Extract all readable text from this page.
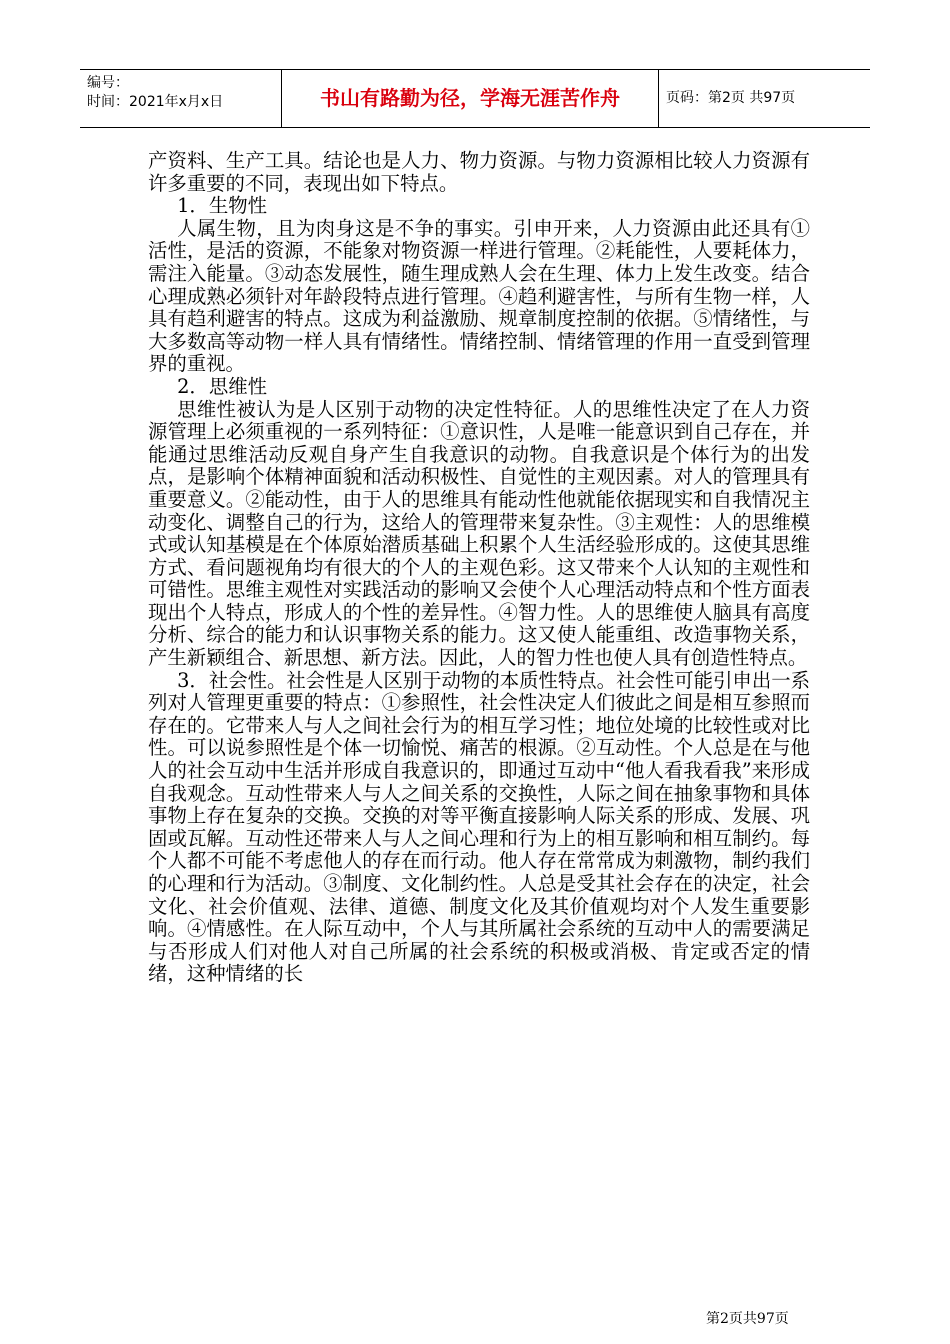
编号：
时间：2021年x月x日	书山有路勤为径，学海无涯苦作舟	页码：第2页 共97页

产资料、生产工具。结论也是人力、物力资源。与物力资源相比较人力资源有许多重要的不同，表现出如下特点。

1．生物性

人属生物，且为肉身这是不争的事实。引申开来，人力资源由此还具有①活性，是活的资源，不能象对物资源一样进行管理。②耗能性，人要耗体力，需注入能量。③动态发展性，随生理成熟人会在生理、体力上发生改变。结合心理成熟必须针对年龄段特点进行管理。④趋利避害性，与所有生物一样，人具有趋利避害的特点。这成为利益激励、规章制度控制的依据。⑤情绪性，与大多数高等动物一样人具有情绪性。情绪控制、情绪管理的作用一直受到管理界的重视。

2．思维性

思维性被认为是人区别于动物的决定性特征。人的思维性决定了在人力资源管理上必须重视的一系列特征：①意识性，人是唯一能意识到自己存在，并能通过思维活动反观自身产生自我意识的动物。自我意识是个体行为的出发点，是影响个体精神面貌和活动积极性、自觉性的主观因素。对人的管理具有重要意义。②能动性，由于人的思维具有能动性他就能依据现实和自我情况主动变化、调整自己的行为，这给人的管理带来复杂性。③主观性：人的思维模式或认知基模是在个体原始潜质基础上积累个人生活经验形成的。这使其思维方式、看问题视角均有很大的个人的主观色彩。这又带来个人认知的主观性和可错性。思维主观性对实践活动的影响又会使个人心理活动特点和个性方面表现出个人特点，形成人的个性的差异性。④智力性。人的思维使人脑具有高度分析、综合的能力和认识事物关系的能力。这又使人能重组、改造事物关系，产生新颖组合、新思想、新方法。因此，人的智力性也使人具有创造性特点。

3．社会性。社会性是人区别于动物的本质性特点。社会性可能引申出一系列对人管理更重要的特点：①参照性，社会性决定人们彼此之间是相互参照而存在的。它带来人与人之间社会行为的相互学习性；地位处境的比较性或对比性。可以说参照性是个体一切愉悦、痛苦的根源。②互动性。个人总是在与他人的社会互动中生活并形成自我意识的，即通过互动中“他人看我看我”来形成自我观念。互动性带来人与人之间关系的交换性，人际之间在抽象事物和具体事物上存在复杂的交换。交换的对等平衡直接影响人际关系的形成、发展、巩固或瓦解。互动性还带来人与人之间心理和行为上的相互影响和相互制约。每个人都不可能不考虑他人的存在而行动。他人存在常常成为刺激物，制约我们的心理和行为活动。③制度、文化制约性。人总是受其社会存在的决定，社会文化、社会价值观、法律、道德、制度文化及其价值观均对个人发生重要影响。④情感性。在人际互动中，个人与其所属社会系统的互动中人的需要满足与否形成人们对他人对自己所属的社会系统的积极或消极、肯定或否定的情绪，这种情绪的长

第2页共97页
